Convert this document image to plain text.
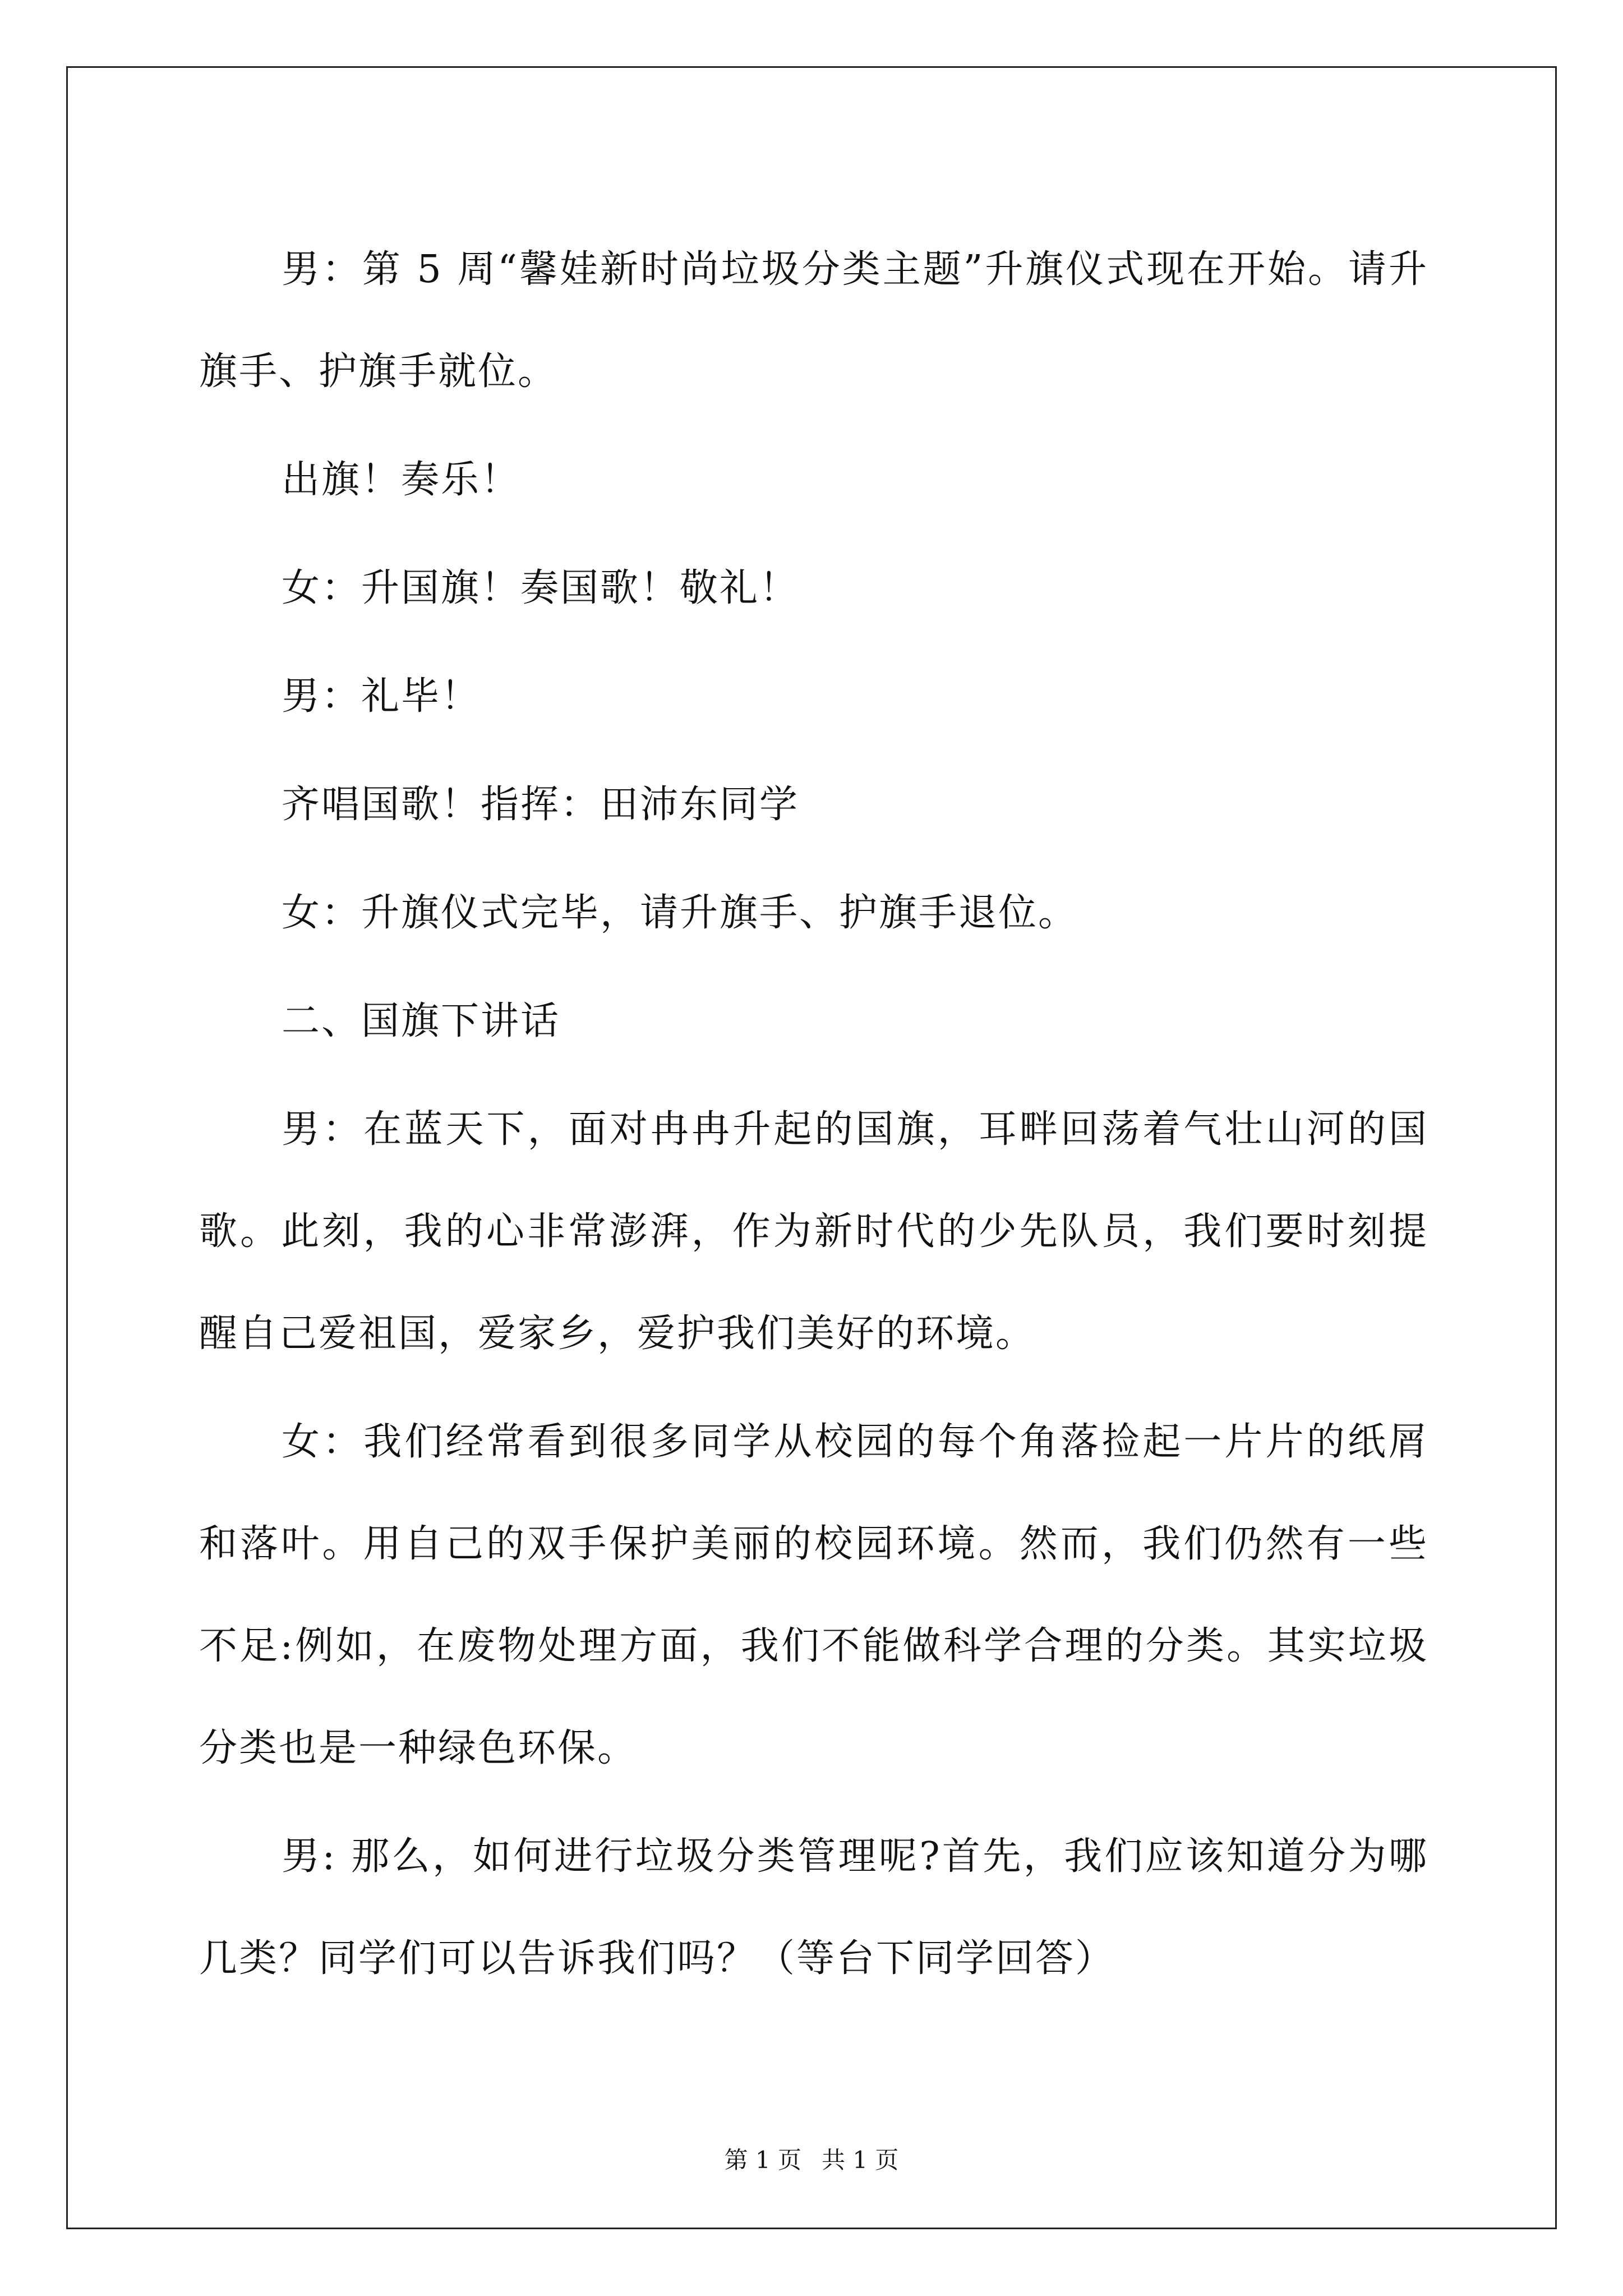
男：第 5 周“馨娃新时尚垃圾分类主题”升旗仪式现在开始。请升旗手、护旗手就位。

出旗！奏乐！

女：升国旗！奏国歌！敬礼！

男：礼毕！

齐唱国歌！指挥：田沛东同学

女：升旗仪式完毕，请升旗手、护旗手退位。

二、国旗下讲话

男：在蓝天下，面对冉冉升起的国旗，耳畔回荡着气壮山河的国歌。此刻，我的心非常澎湃，作为新时代的少先队员，我们要时刻提醒自己爱祖国，爱家乡，爱护我们美好的环境。

女：我们经常看到很多同学从校园的每个角落捡起一片片的纸屑和落叶。用自己的双手保护美丽的校园环境。然而，我们仍然有一些不足:例如，在废物处理方面，我们不能做科学合理的分类。其实垃圾分类也是一种绿色环保。

男: 那么，如何进行垃圾分类管理呢?首先，我们应该知道分为哪几类？同学们可以告诉我们吗？（等台下同学回答）

第 1 页 共 1 页
